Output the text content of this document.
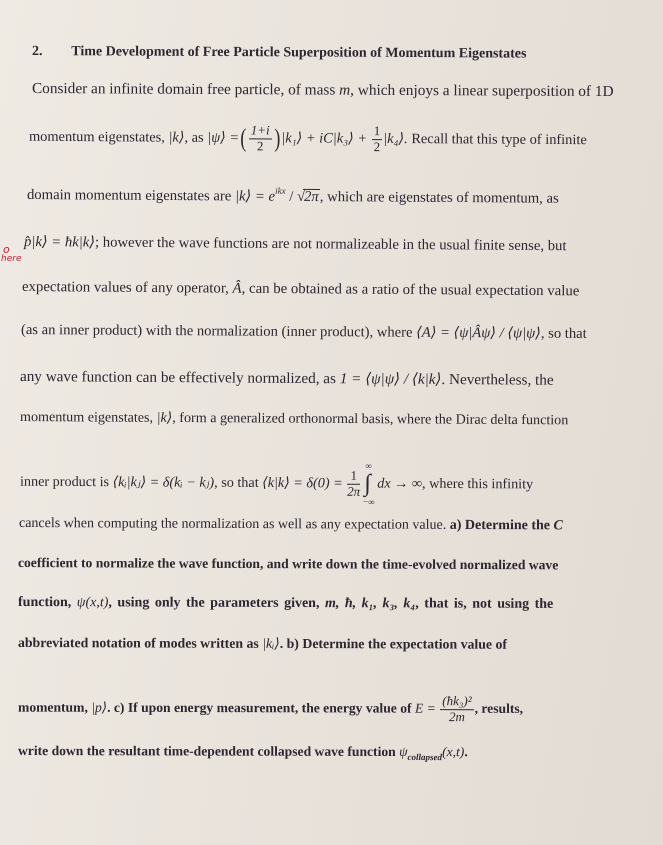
2. Time Development of Free Particle Superposition of Momentum Eigenstates
Consider an infinite domain free particle, of mass m, which enjoys a linear superposition of 1D
momentum eigenstates, |k⟩, as |ψ⟩ =( $\frac{1+i}{2}$ )|k₁⟩ + iC|k₃⟩ + $\frac{1}{2}$ |k₄⟩. Recall that this type of infinite
domain momentum eigenstates are |k⟩ = $e^{ikx} / √2\pi$, which are eigenstates of momentum, as
p̂|k⟩ = ħk|k⟩; however the wave functions are not normalizeable in the usual finite sense, but
o
here
expectation values of any operator, Â, can be obtained as a ratio of the usual expectation value
(as an inner product) with the normalization (inner product), where ⟨A⟩ = ⟨ψ|Âψ⟩ / ⟨ψ|ψ⟩, so that
any wave function can be effectively normalized, as 1 = ⟨ψ|ψ⟩ / ⟨k|k⟩. Nevertheless, the
momentum eigenstates, |k⟩, form a generalized orthonormal basis, where the Dirac delta function
inner product is ⟨kᵢ|kⱼ⟩ = δ(kᵢ − kⱼ), so that ⟨k|k⟩ = $\delta(0) = \frac{1}{2\pi}$
∞
∫
−∞
dx → ∞, where this infinity
cancels when computing the normalization as well as any expectation value. a) Determine the C
coefficient to normalize the wave function, and write down the time-evolved normalized wave
function, ψ(x,t), using only the parameters given, m, ħ, k₁, k₃, k₄, that is, not using the
abbreviated notation of modes written as |kᵢ⟩. b) Determine the expectation value of
momentum, |p⟩. c) If upon energy measurement, the energy value of $E = \frac{\text{(ħk₃)²}}{2m}$ , results,
write down the resultant time-dependent collapsed wave function $\psi_{collapsed}(x,t)$.
